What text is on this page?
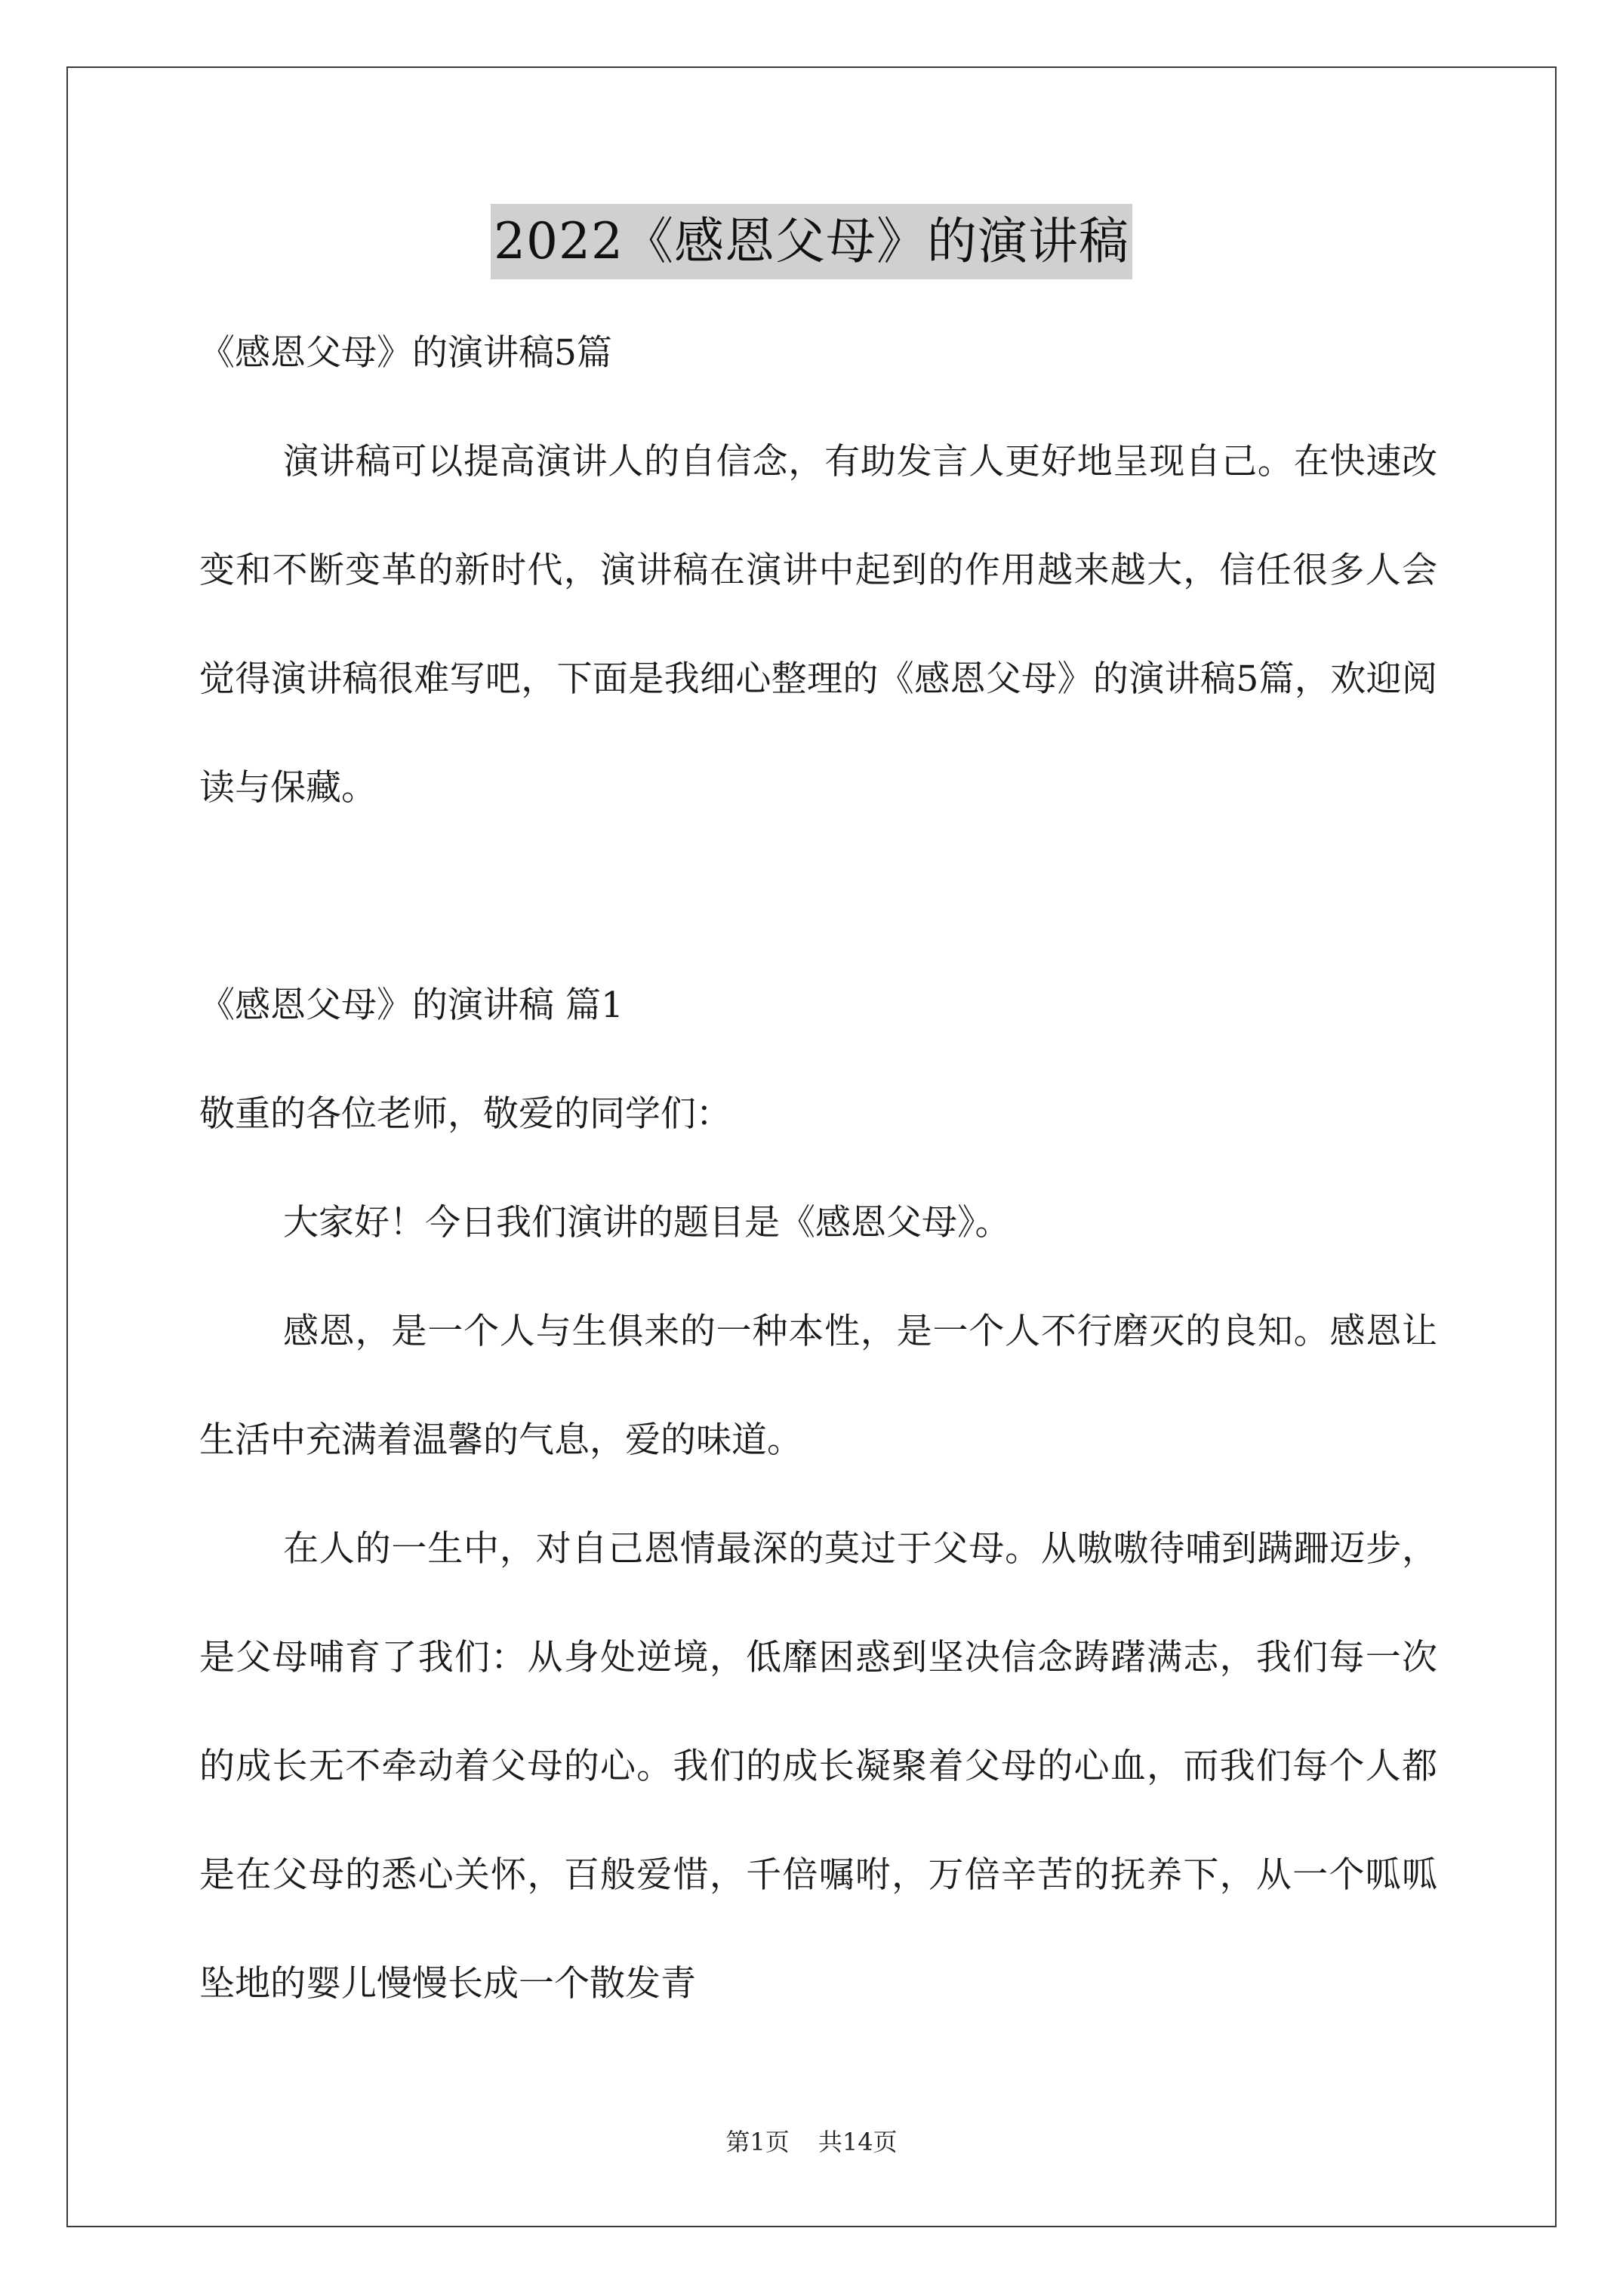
2022《感恩父母》的演讲稿

《感恩父母》的演讲稿5篇

演讲稿可以提高演讲人的自信念，有助发言人更好地呈现自己。在快速改变和不断变革的新时代，演讲稿在演讲中起到的作用越来越大，信任很多人会觉得演讲稿很难写吧，下面是我细心整理的《感恩父母》的演讲稿5篇，欢迎阅读与保藏。

《感恩父母》的演讲稿 篇1

敬重的各位老师，敬爱的同学们：

大家好！今日我们演讲的题目是《感恩父母》。

感恩，是一个人与生俱来的一种本性，是一个人不行磨灭的良知。感恩让生活中充满着温馨的气息，爱的味道。

在人的一生中，对自己恩情最深的莫过于父母。从嗷嗷待哺到蹒跚迈步，是父母哺育了我们：从身处逆境，低靡困惑到坚决信念踌躇满志，我们每一次的成长无不牵动着父母的心。我们的成长凝聚着父母的心血，而我们每个人都是在父母的悉心关怀，百般爱惜，千倍嘱咐，万倍辛苦的抚养下，从一个呱呱坠地的婴儿慢慢长成一个散发青

第1页 共14页
